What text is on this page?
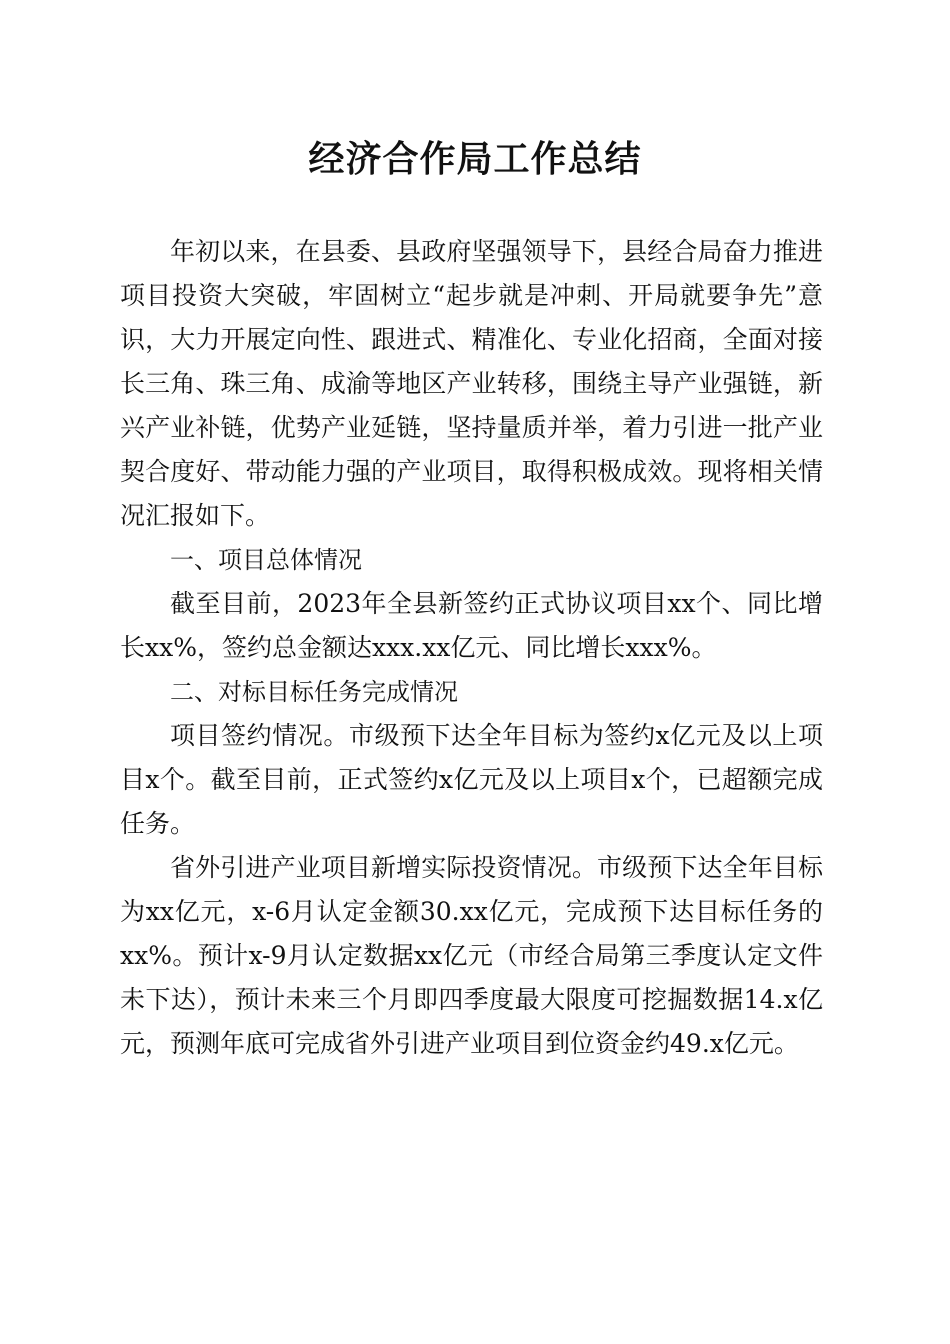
经济合作局工作总结

年初以来，在县委、县政府坚强领导下，县经合局奋力推进项目投资大突破，牢固树立“起步就是冲刺、开局就要争先”意识，大力开展定向性、跟进式、精准化、专业化招商，全面对接长三角、珠三角、成渝等地区产业转移，围绕主导产业强链，新兴产业补链，优势产业延链，坚持量质并举，着力引进一批产业契合度好、带动能力强的产业项目，取得积极成效。现将相关情况汇报如下。

一、项目总体情况

截至目前，2023年全县新签约正式协议项目xx个、同比增长xx%，签约总金额达xxx.xx亿元、同比增长xxx%。

二、对标目标任务完成情况

项目签约情况。市级预下达全年目标为签约x亿元及以上项目x个。截至目前，正式签约x亿元及以上项目x个，已超额完成任务。

省外引进产业项目新增实际投资情况。市级预下达全年目标为xx亿元，x-6月认定金额30.xx亿元，完成预下达目标任务的xx%。预计x-9月认定数据xx亿元（市经合局第三季度认定文件未下达），预计未来三个月即四季度最大限度可挖掘数据14.x亿元，预测年底可完成省外引进产业项目到位资金约49.x亿元。
